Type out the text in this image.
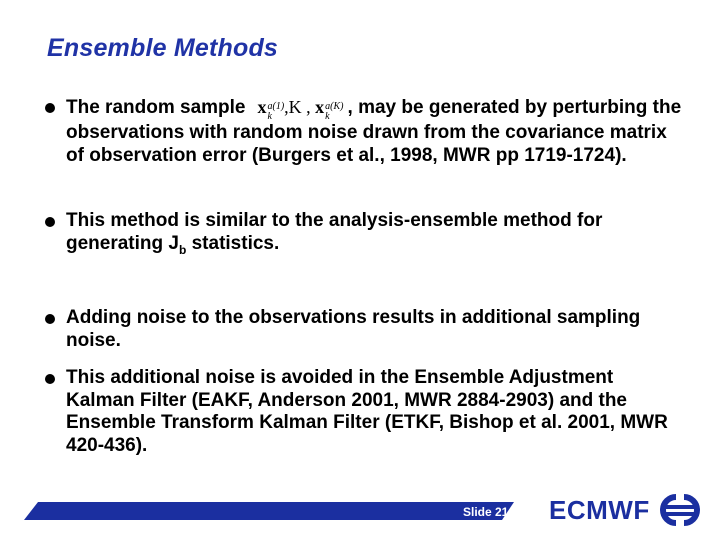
Ensemble Methods
The random sample x a(1)
k ,K , x a(K)
k , may be generated by perturbing the observations with random noise drawn from the covariance matrix of observation error (Burgers et al., 1998, MWR pp 1719-1724).
This method is similar to the analysis-ensemble method for generating $J_b$ statistics.
Adding noise to the observations results in additional sampling noise.
This additional noise is avoided in the Ensemble Adjustment Kalman Filter (EAKF, Anderson 2001, MWR 2884-2903) and the Ensemble Transform Kalman Filter (ETKF, Bishop et al. 2001, MWR 420-436).
Slide 21 ECMWF
